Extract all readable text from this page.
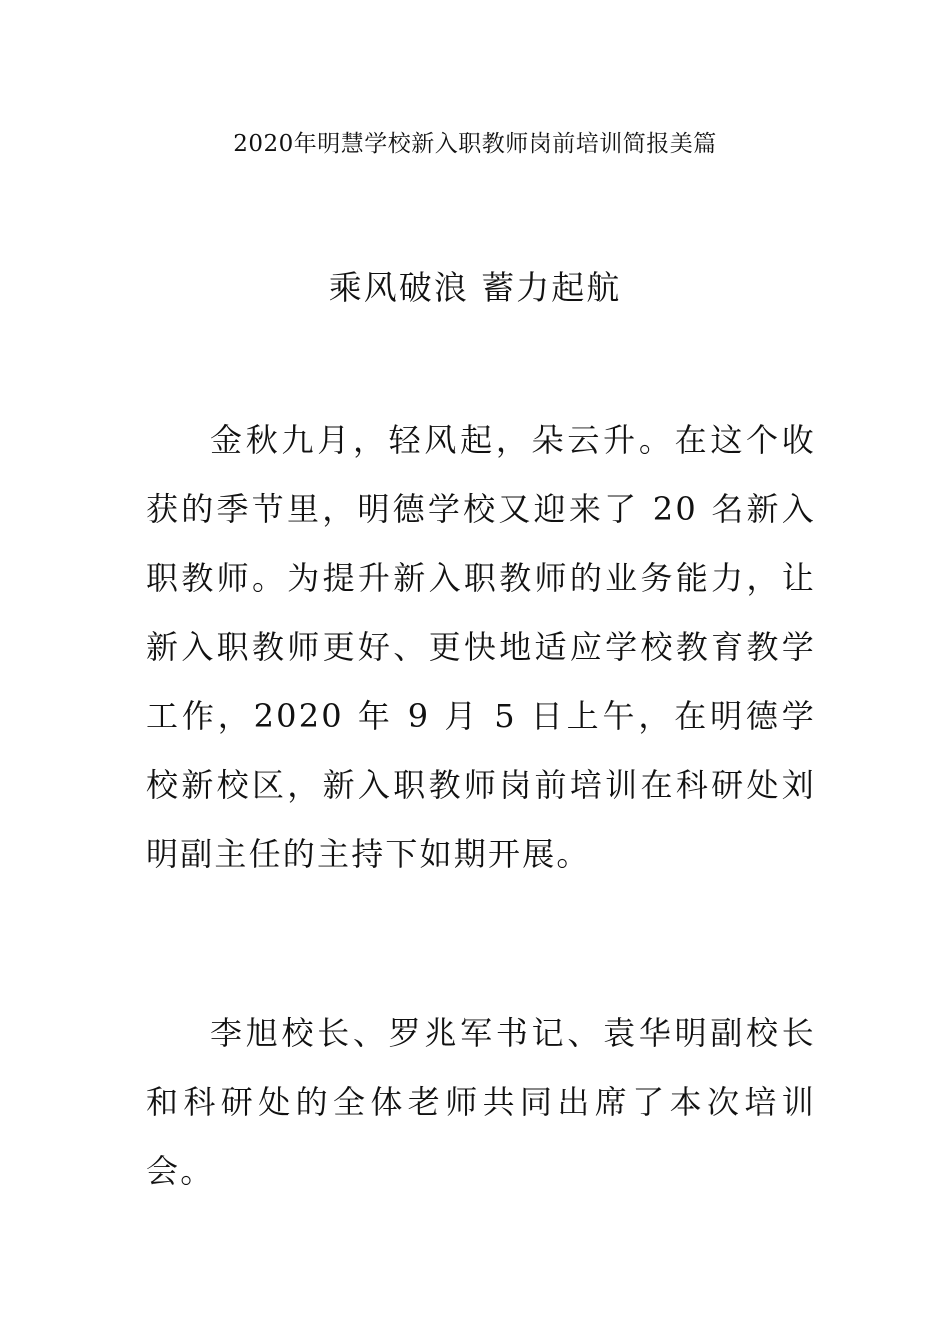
2020年明慧学校新入职教师岗前培训简报美篇
乘风破浪 蓄力起航

金秋九月，轻风起，朵云升。在这个收获的季节里，明德学校又迎来了 20 名新入职教师。为提升新入职教师的业务能力，让新入职教师更好、更快地适应学校教育教学工作，2020 年 9 月 5 日上午，在明德学校新校区，新入职教师岗前培训在科研处刘明副主任的主持下如期开展。

李旭校长、罗兆军书记、袁华明副校长和科研处的全体老师共同出席了本次培训会。
